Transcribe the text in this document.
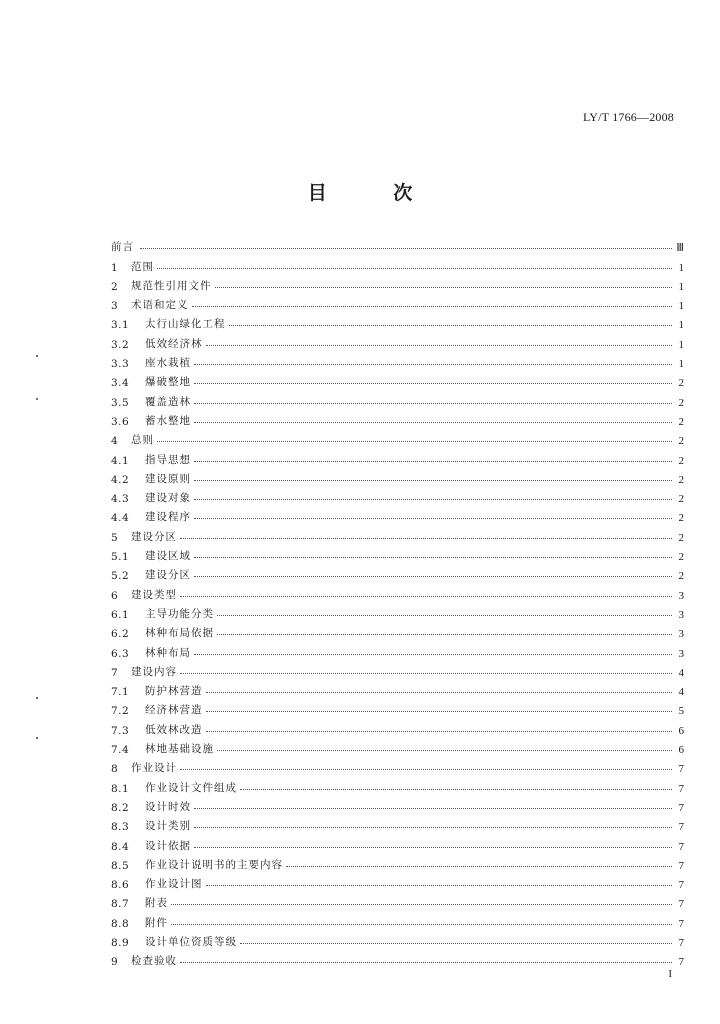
LY/T 1766—2008
目 次
前言	Ⅲ
1	范围	1
2	规范性引用文件	1
3	术语和定义	1
3.1	太行山绿化工程	1
3.2	低效经济林	1
3.3	座水栽植	1
3.4	爆破整地	2
3.5	覆盖造林	2
3.6	蓄水整地	2
4	总则	2
4.1	指导思想	2
4.2	建设原则	2
4.3	建设对象	2
4.4	建设程序	2
5	建设分区	2
5.1	建设区域	2
5.2	建设分区	2
6	建设类型	3
6.1	主导功能分类	3
6.2	林种布局依据	3
6.3	林种布局	3
7	建设内容	4
7.1	防护林营造	4
7.2	经济林营造	5
7.3	低效林改造	6
7.4	林地基础设施	6
8	作业设计	7
8.1	作业设计文件组成	7
8.2	设计时效	7
8.3	设计类别	7
8.4	设计依据	7
8.5	作业设计说明书的主要内容	7
8.6	作业设计图	7
8.7	附表	7
8.8	附件	7
8.9	设计单位资质等级	7
9	检查验收	7
I
